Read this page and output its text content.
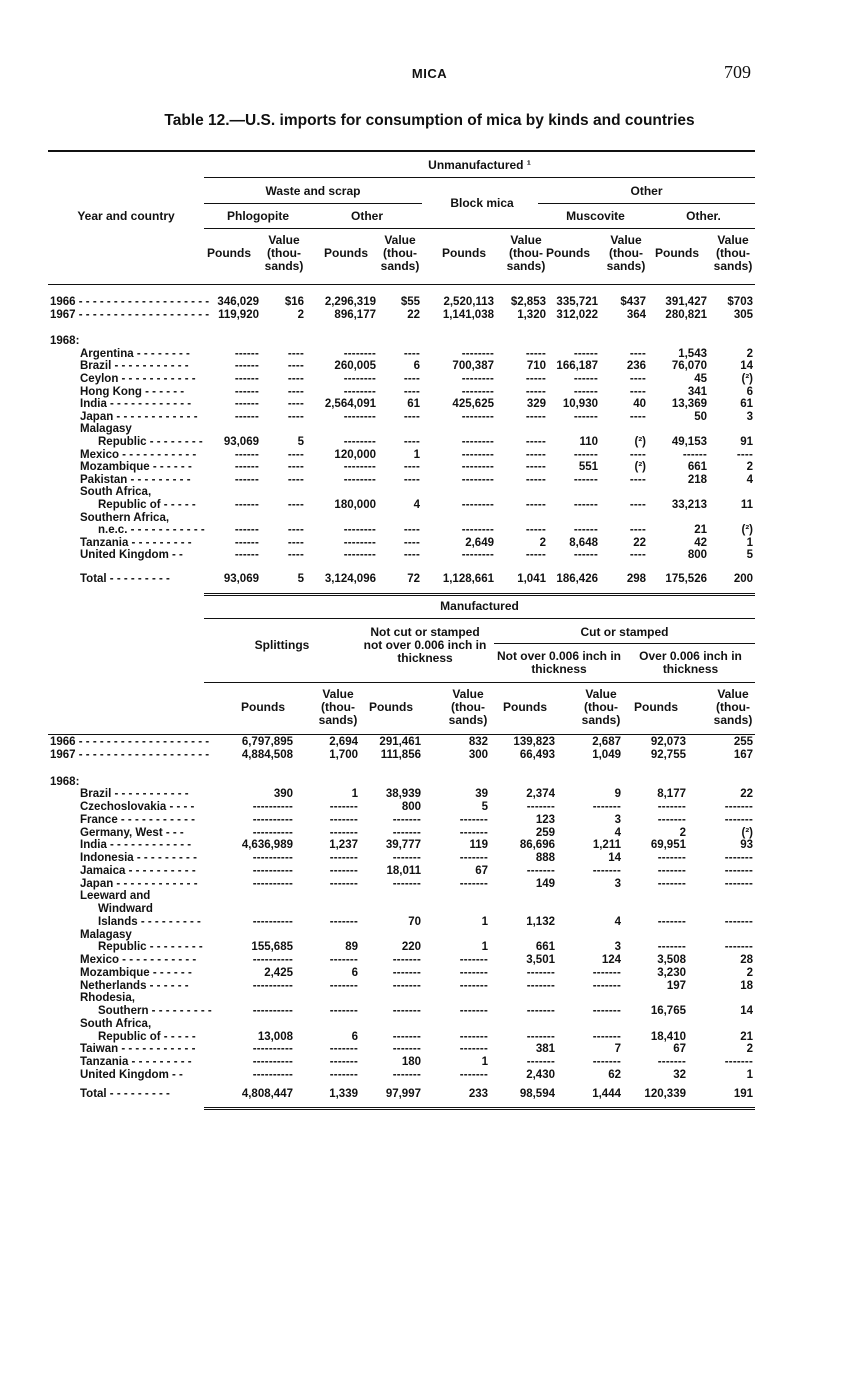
MICA	709
Table 12.—U.S. imports for consumption of mica by kinds and countries
Unmanufactured ¹
Waste and scrap	Other
Year and country	Phlogopite	Other
Block mica
Muscovite	Other.
Pounds
Value (thou- sands)
Pounds
Value (thou- sands)
Pounds
Value (thou- sands)
Pounds
Value (thou- sands)
Pounds
Value (thou- sands)
1966 - - - - - - - - - - - - - - - - - - - 346,029 $16 2,296,319 $55 2,520,113 $2,853 335,721 $437 391,427 $703
1967 - - - - - - - - - - - - - - - - - - - 119,920	2	896,177	22 1,141,038 1,320 312,022	364 280,821 305
1968:
Argentina - - - - - - - -	------	----	-------- ----	--------	----- ------	----	1,543	2
Brazil - - - - - - - - - - -	------	----	260,005	6	700,387	710 166,187	236 76,070	14
Ceylon - - - - - - - - - - -	------	----	-------- ----	--------	----- ------	----	45	(²)
Hong Kong - - - - - -	------	----	-------- ----	--------	----- ------	----	341	6
India - - - - - - - - - - - -	------	---- 2,564,091	61	425,625	329 10,930	40 13,369	61
Japan - - - - - - - - - - - -	------	----	-------- ----	--------	----- ------	----	50	3
Malagasy
Republic - - - - - - - - 93,069	5	-------- ----	--------	-----	110	(²) 49,153	91
Mexico - - - - - - - - - - -	------	----	120,000	1	--------	----- ------	----	------	----
Mozambique - - - - - -	------	----	-------- ----	--------	-----	551	(²)	661	2
Pakistan - - - - - - - - -	------	----	-------- ----	--------	----- ------	----	218	4
South Africa,
Republic of - - - - -	------	----	180,000	4	--------	----- ------	---- 33,213	11
Southern Africa,
n.e.c. - - - - - - - - - - -	------	----	-------- ----	--------	----- ------	----	21	(²)
Tanzania - - - - - - - - -	------	----	-------- ----	2,649	2 8,648	22	42	1
United Kingdom - -	------	----	-------- ----	--------	----- ------	----	800	5
Total - - - - - - - - -	93,069	5 3,124,096	72 1,128,661 1,041 186,426	298 175,526 200
Manufactured
Splittings
Not cut or stamped not over 0.006 inch in thickness
Cut or stamped
Not over 0.006 inch in thickness
Over 0.006 inch in thickness
Pounds
Value (thou- sands)
Pounds
Value (thou- sands)
Pounds
Value (thou- sands)
Pounds
Value (thou- sands)
1966 - - - - - - - - - - - - - - - - - - -	6,797,895	2,694 291,461	832 139,823	2,687	92,073	255
1967 - - - - - - - - - - - - - - - - - - -	4,884,508	1,700 111,856	300	66,493	1,049	92,755	167
1968:
Brazil - - - - - - - - - - -	390	1 38,939	39	2,374	9	8,177	22
Czechoslovakia - - - -	----------	-------	800	5	-------	-------	-------	-------
France - - - - - - - - - - -	----------	-------	-------	-------	123	3	-------	-------
Germany, West - - -	----------	-------	-------	-------	259	4	2	(²)
India - - - - - - - - - - - -	4,636,989	1,237 39,777	119	86,696	1,211	69,951	93
Indonesia - - - - - - - - -	----------	-------	-------	-------	888	14	-------	-------
Jamaica - - - - - - - - - -	----------	------- 18,011	67	-------	-------	-------	-------
Japan - - - - - - - - - - - -	----------	-------	-------	-------	149	3	-------	-------
Leeward and
Windward
Islands - - - - - - - - -	----------	-------	70	1	1,132	4	-------	-------
Malagasy
Republic - - - - - - - -	155,685	89	220	1	661	3	-------	-------
Mexico - - - - - - - - - - -	----------	-------	-------	-------	3,501	124	3,508	28
Mozambique - - - - - -	2,425	6	-------	-------	-------	-------	3,230	2
Netherlands - - - - - -	----------	-------	-------	-------	-------	-------	197	18
Rhodesia,
Southern - - - - - - - - -	----------	-------	-------	-------	-------	-------	16,765	14
South Africa,
Republic of - - - - -	13,008	6	-------	-------	-------	-------	18,410	21
Taiwan - - - - - - - - - - -	----------	-------	-------	-------	381	7	67	2
Tanzania - - - - - - - - -	----------	-------	180	1	-------	-------	-------	-------
United Kingdom - -	----------	-------	-------	-------	2,430	62	32	1
Total - - - - - - - - -	4,808,447	1,339 97,997	233	98,594	1,444 120,339	191
